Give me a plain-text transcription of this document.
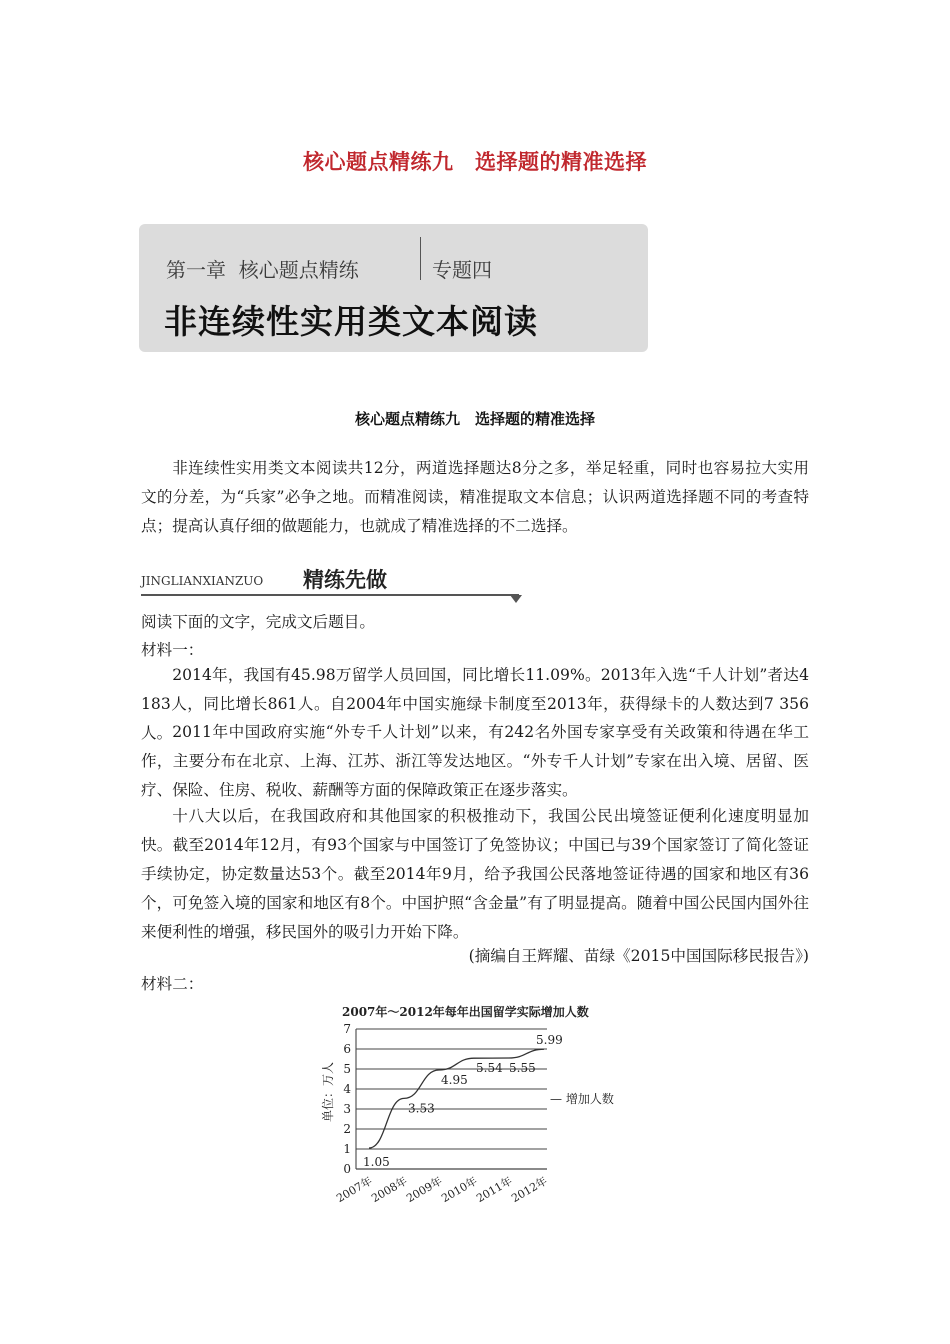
核心题点精练九　选择题的精准选择
第一章  核心题点精练	专题四
非连续性实用类文本阅读
核心题点精练九　选择题的精准选择

非连续性实用类文本阅读共12分，两道选择题达8分之多，举足轻重，同时也容易拉大实用文的分差，为“兵家”必争之地。而精准阅读，精准提取文本信息；认识两道选择题不同的考查特点；提高认真仔细的做题能力，也就成了精准选择的不二选择。

JINGLIANXIANZUO 精练先做
阅读下面的文字，完成文后题目。
材料一：

2014年，我国有45.98万留学人员回国，同比增长11.09%。2013年入选“千人计划”者达4 183人，同比增长861人。自2004年中国实施绿卡制度至2013年，获得绿卡的人数达到7 356人。 2011年中国政府实施“外专千人计划”以来，有242名外国专家享受有关政策和待遇在华工作，主要分布在北京、上海、江苏、浙江等发达地区。“外专千人计划”专家在出入境、居留、医疗、保险、住房、税收、薪酬等方面的保障政策正在逐步落实。

十八大以后，在我国政府和其他国家的积极推动下，我国公民出境签证便利化速度明显加快。截至2014年12月，有93个国家与中国签订了免签协议；中国已与39个国家签订了简化签证手续协定，协定数量达53个。截至2014年9月，给予我国公民落地签证待遇的国家和地区有36个，可免签入境的国家和地区有8个。中国护照“含金量”有了明显提高。随着中国公民国内国外往来便利性的增强，移民国外的吸引力开始下降。

(摘编自王辉耀、苗绿《2015中国国际移民报告》)
材料二：
2007年～2012年每年出国留学实际增加人数
单位：万人
0
1
2
3
4
5
6
7
2007年
2008年
2009年
2010年
2011年
2012年
1.05
3.53
4.95
5.54 5.55
5.99
— 增加人数
